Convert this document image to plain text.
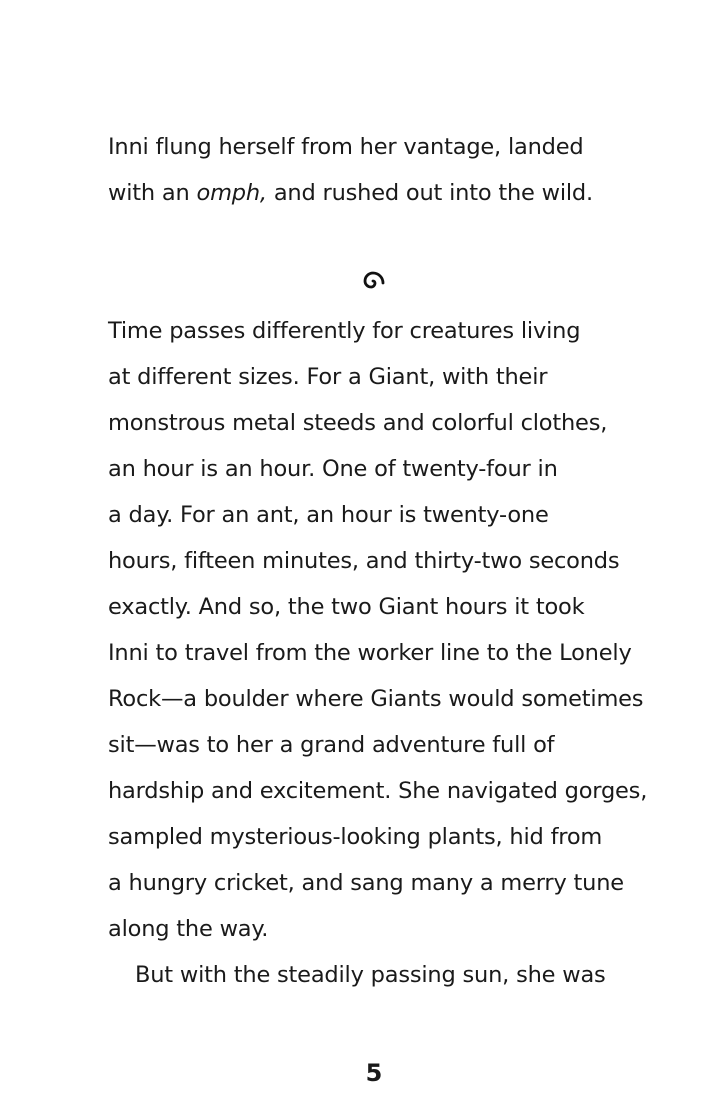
Inni flung herself from her vantage, landed
with an omph, and rushed out into the wild.
Time passes differently for creatures living
at different sizes. For a Giant, with their
monstrous metal steeds and colorful clothes,
an hour is an hour. One of twenty-four in
a day. For an ant, an hour is twenty-one
hours, fifteen minutes, and thirty-two seconds
exactly. And so, the two Giant hours it took
Inni to travel from the worker line to the Lonely
Rock—a boulder where Giants would sometimes
sit—was to her a grand adventure full of
hardship and excitement. She navigated gorges,
sampled mysterious-looking plants, hid from
a hungry cricket, and sang many a merry tune
along the way.
But with the steadily passing sun, she was
5
